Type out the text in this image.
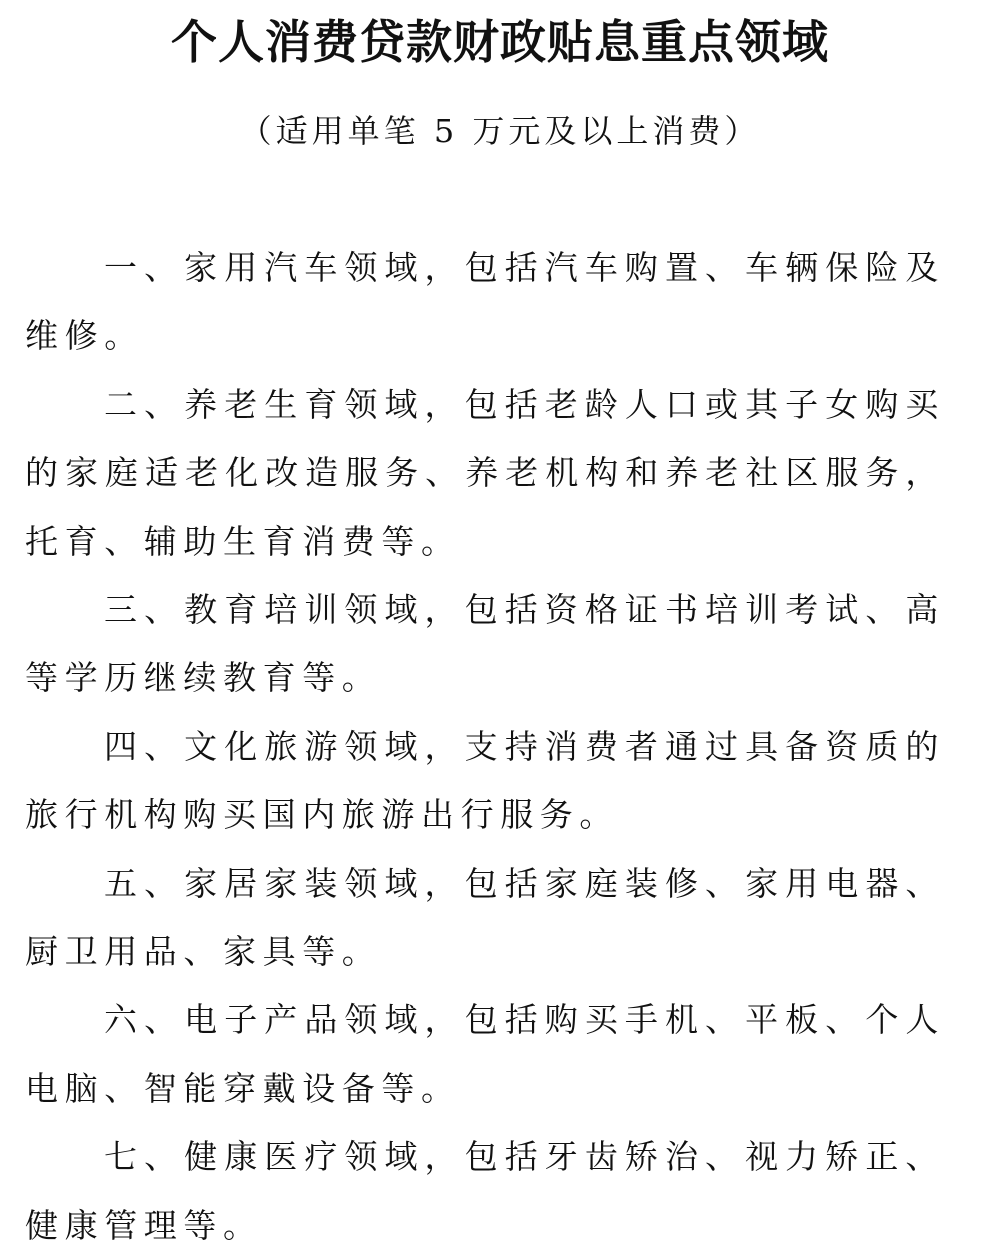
个人消费贷款财政贴息重点领域
（适用单笔 5 万元及以上消费）

一、家用汽车领域，包括汽车购置、车辆保险及维修。

二、养老生育领域，包括老龄人口或其子女购买的家庭适老化改造服务、养老机构和养老社区服务，托育、辅助生育消费等。

三、教育培训领域，包括资格证书培训考试、高等学历继续教育等。

四、文化旅游领域，支持消费者通过具备资质的旅行机构购买国内旅游出行服务。

五、家居家装领域，包括家庭装修、家用电器、厨卫用品、家具等。

六、电子产品领域，包括购买手机、平板、个人电脑、智能穿戴设备等。

七、健康医疗领域，包括牙齿矫治、视力矫正、健康管理等。
